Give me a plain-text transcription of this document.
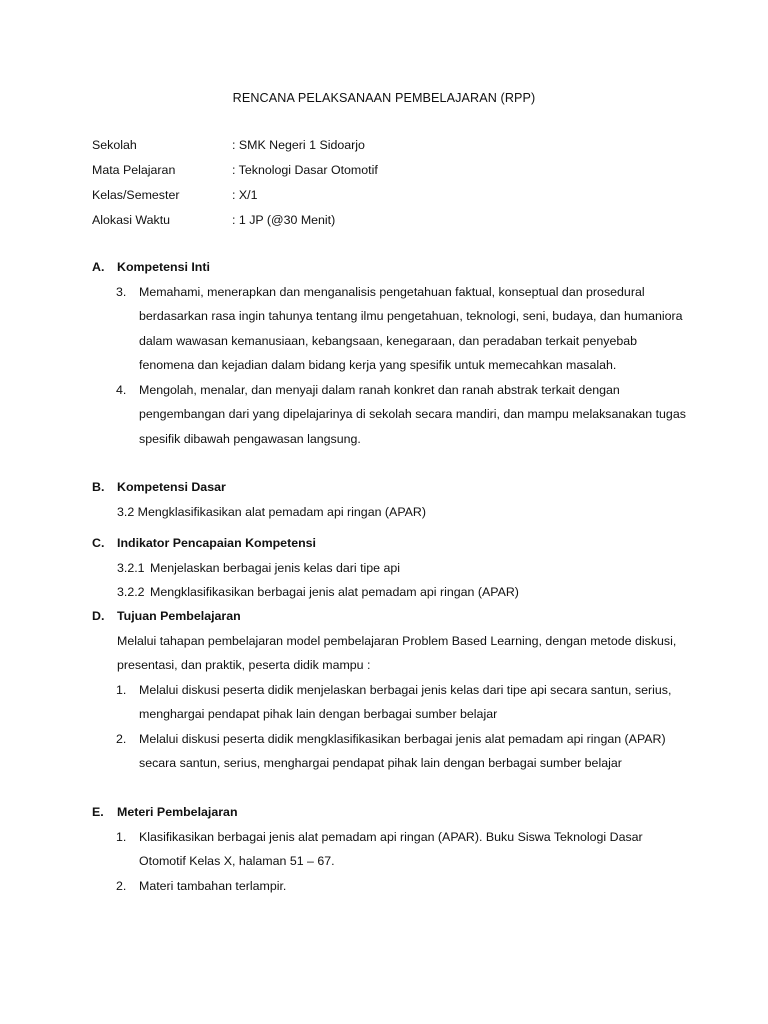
RENCANA PELAKSANAAN PEMBELAJARAN (RPP)
Sekolah	: SMK Negeri 1 Sidoarjo
Mata Pelajaran	: Teknologi Dasar Otomotif
Kelas/Semester	: X/1
Alokasi Waktu	: 1 JP (@30 Menit)
A. Kompetensi Inti
3. Memahami, menerapkan dan menganalisis pengetahuan faktual, konseptual dan prosedural berdasarkan rasa ingin tahunya tentang ilmu pengetahuan, teknologi, seni, budaya, dan humaniora dalam wawasan kemanusiaan, kebangsaan, kenegaraan, dan peradaban terkait penyebab fenomena dan kejadian dalam bidang kerja yang spesifik untuk memecahkan masalah.
4. Mengolah, menalar, dan menyaji dalam ranah konkret dan ranah abstrak terkait dengan pengembangan dari yang dipelajarinya di sekolah secara mandiri, dan mampu melaksanakan tugas spesifik dibawah pengawasan langsung.
B. Kompetensi Dasar
3.2 Mengklasifikasikan alat pemadam api ringan (APAR)
C. Indikator Pencapaian Kompetensi
3.2.1 Menjelaskan berbagai jenis kelas dari tipe api
3.2.2 Mengklasifikasikan berbagai jenis alat pemadam api ringan (APAR)
D. Tujuan Pembelajaran
Melalui tahapan pembelajaran model pembelajaran Problem Based Learning, dengan metode diskusi, presentasi, dan praktik, peserta didik mampu :
1. Melalui diskusi peserta didik menjelaskan berbagai jenis kelas dari tipe api secara santun, serius, menghargai pendapat pihak lain dengan berbagai sumber belajar
2. Melalui diskusi peserta didik mengklasifikasikan berbagai jenis alat pemadam api ringan (APAR) secara santun, serius, menghargai pendapat pihak lain dengan berbagai sumber belajar
E. Meteri Pembelajaran
1. Klasifikasikan berbagai jenis alat pemadam api ringan (APAR). Buku Siswa Teknologi Dasar Otomotif Kelas X, halaman 51 – 67.
2. Materi tambahan terlampir.
